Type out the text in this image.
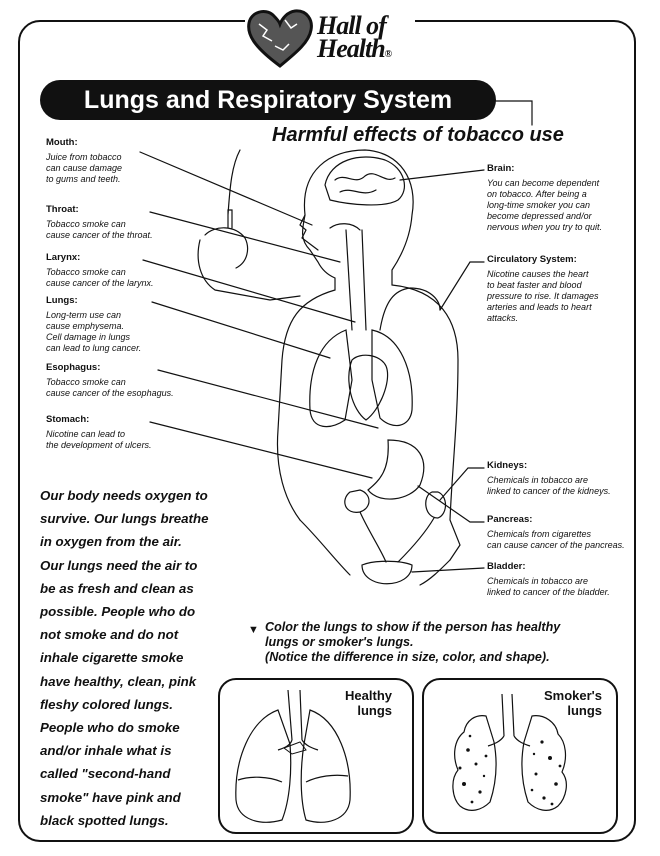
Hall of
Health®
Lungs and Respiratory System
Harmful effects of tobacco use
Mouth:
Juice from tobacco
can cause damage
to gums and teeth.
Throat:
Tobacco smoke can
cause cancer of the throat.
Larynx:
Tobacco smoke can
cause cancer of the larynx.
Lungs:
Long-term use can
cause emphysema.
Cell damage in lungs
can lead to lung cancer.
Esophagus:
Tobacco smoke can
cause cancer of the esophagus.
Stomach:
Nicotine can lead to
the development of ulcers.
Brain:
You can become dependent
on tobacco. After being a
long-time smoker you can
become depressed and/or
nervous when you try to quit.
Circulatory System:
Nicotine causes the heart
to beat faster and blood
pressure to rise. It damages
arteries and leads to heart
attacks.
Kidneys:
Chemicals in tobacco are
linked to cancer of the kidneys.
Pancreas:
Chemicals from cigarettes
can cause cancer of the pancreas.
Bladder:
Chemicals in tobacco are
linked to cancer of the bladder.
Our body needs oxygen to
survive. Our lungs breathe
in oxygen from the air.
Our lungs need the air to
be as fresh and clean as
possible. People who do
not smoke and do not
inhale cigarette smoke
have healthy, clean, pink
fleshy colored lungs.
People who do smoke
and/or inhale what is
called "second-hand
smoke" have pink and
black spotted lungs.
▼ Color the lungs to show if the person has healthy
lungs or smoker's lungs.
(Notice the difference in size, color, and shape).
Healthy
lungs
Smoker's
lungs
